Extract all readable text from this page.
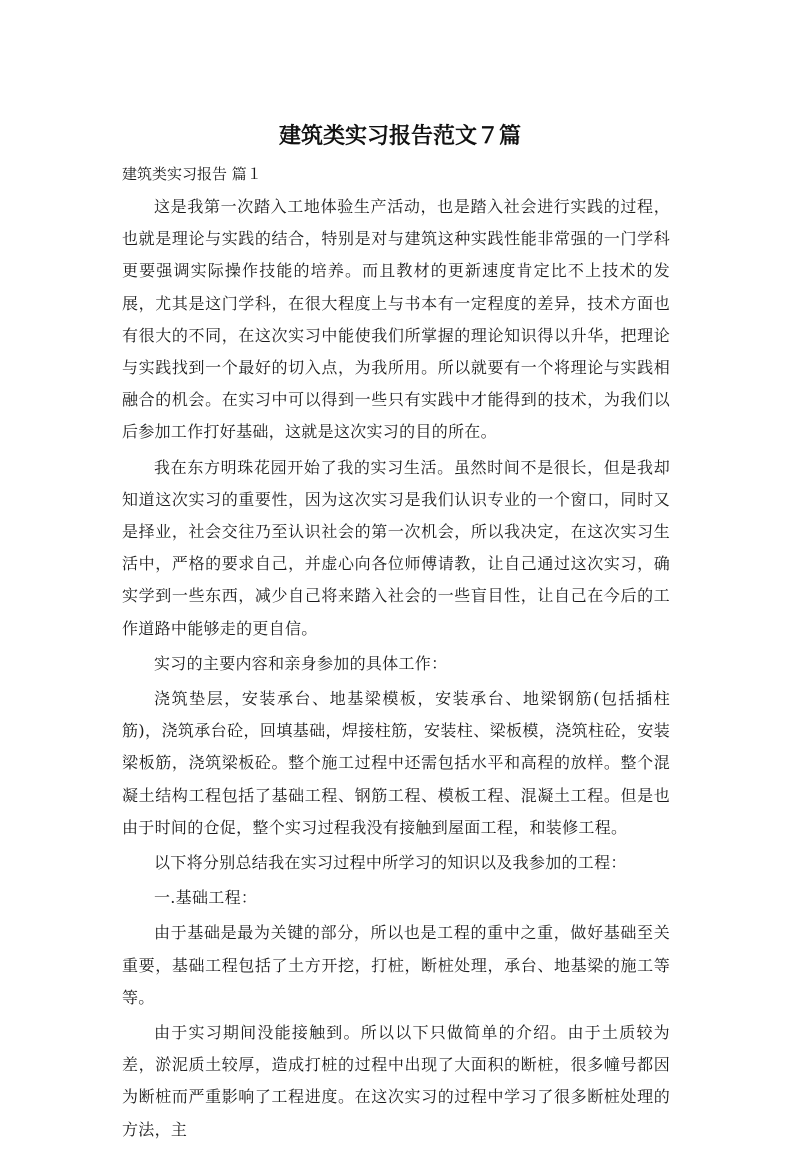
建筑类实习报告范文７篇

建筑类实习报告 篇１

这是我第一次踏入工地体验生产活动，也是踏入社会进行实践的过程，也就是理论与实践的结合，特别是对与建筑这种实践性能非常强的一门学科更要强调实际操作技能的培养。而且教材的更新速度肯定比不上技术的发展，尤其是这门学科，在很大程度上与书本有一定程度的差异，技术方面也有很大的不同，在这次实习中能使我们所掌握的理论知识得以升华，把理论与实践找到一个最好的切入点，为我所用。所以就要有一个将理论与实践相融合的机会。在实习中可以得到一些只有实践中才能得到的技术，为我们以后参加工作打好基础，这就是这次实习的目的所在。

我在东方明珠花园开始了我的实习生活。虽然时间不是很长，但是我却知道这次实习的重要性，因为这次实习是我们认识专业的一个窗口，同时又是择业，社会交往乃至认识社会的第一次机会，所以我决定，在这次实习生活中，严格的要求自己，并虚心向各位师傅请教，让自己通过这次实习，确实学到一些东西，减少自己将来踏入社会的一些盲目性，让自己在今后的工作道路中能够走的更自信。

实习的主要内容和亲身参加的具体工作：

浇筑垫层，安装承台、地基梁模板，安装承台、地梁钢筋(包括插柱筋)，浇筑承台砼，回填基础，焊接柱筋，安装柱、梁板模，浇筑柱砼，安装梁板筋，浇筑梁板砼。整个施工过程中还需包括水平和高程的放样。整个混凝土结构工程包括了基础工程、钢筋工程、模板工程、混凝土工程。但是也由于时间的仓促，整个实习过程我没有接触到屋面工程，和装修工程。

以下将分别总结我在实习过程中所学习的知识以及我参加的工程：

一.基础工程：

由于基础是最为关键的部分，所以也是工程的重中之重，做好基础至关重要，基础工程包括了土方开挖，打桩，断桩处理，承台、地基梁的施工等等。

由于实习期间没能接触到。所以以下只做简单的介绍。由于土质较为差，淤泥质土较厚，造成打桩的过程中出现了大面积的断桩，很多幢号都因为断桩而严重影响了工程进度。在这次实习的过程中学习了很多断桩处理的方法，主
